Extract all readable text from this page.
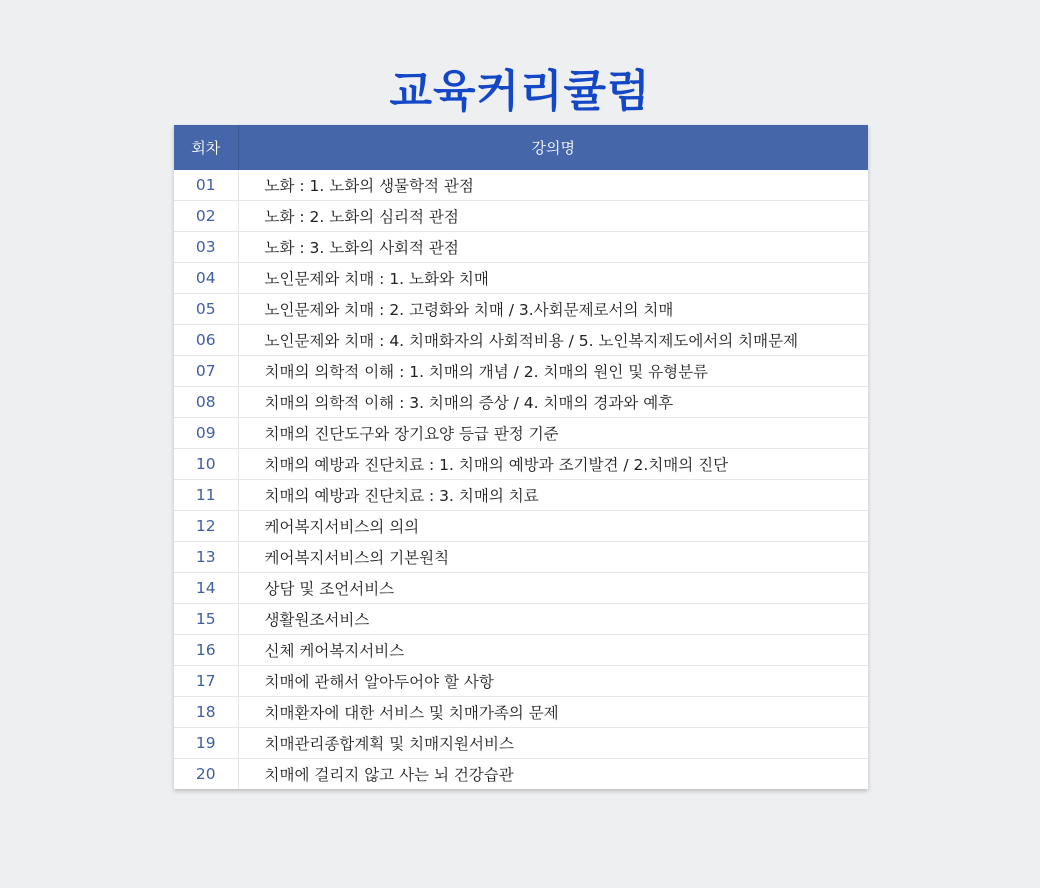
교육커리큘럼
회차	강의명
01	노화 : 1. 노화의 생물학적 관점
02	노화 : 2. 노화의 심리적 관점
03	노화 : 3. 노화의 사회적 관점
04	노인문제와 치매 : 1. 노화와 치매
05	노인문제와 치매 : 2. 고령화와 치매 / 3.사회문제로서의 치매
06	노인문제와 치매 : 4. 치매화자의 사회적비용 / 5. 노인복지제도에서의 치매문제
07	치매의 의학적 이해 : 1. 치매의 개념 / 2. 치매의 원인 및 유형분류
08	치매의 의학적 이해 : 3. 치매의 증상 / 4. 치매의 경과와 예후
09	치매의 진단도구와 장기요양 등급 판정 기준
10	치매의 예방과 진단치료 : 1. 치매의 예방과 조기발견 / 2.치매의 진단
11	치매의 예방과 진단치료 : 3. 치매의 치료
12	케어복지서비스의 의의
13	케어복지서비스의 기본원칙
14	상담 및 조언서비스
15	생활원조서비스
16	신체 케어복지서비스
17	치매에 관해서 알아두어야 할 사항
18	치매환자에 대한 서비스 및 치매가족의 문제
19	치매관리종합계획 및 치매지원서비스
20	치매에 걸리지 않고 사는 뇌 건강습관
